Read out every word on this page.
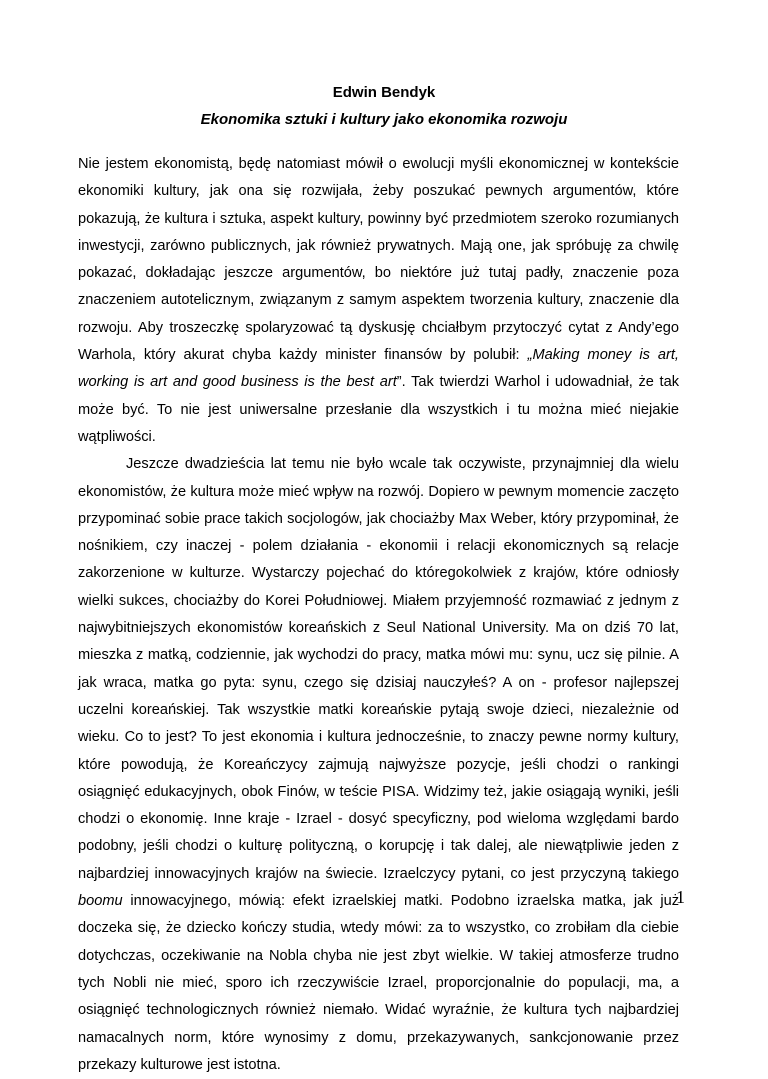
Edwin Bendyk
Ekonomika sztuki i kultury jako ekonomika rozwoju

Nie jestem ekonomistą, będę natomiast mówił o ewolucji myśli ekonomicznej w kontekście ekonomiki kultury, jak ona się rozwijała, żeby poszukać pewnych argumentów, które pokazują, że kultura i sztuka, aspekt kultury, powinny być przedmiotem szeroko rozumianych inwestycji, zarówno publicznych, jak również prywatnych. Mają one, jak spróbuję za chwilę pokazać, dokładając jeszcze argumentów, bo niektóre już tutaj padły, znaczenie poza znaczeniem autotelicznym, związanym z samym aspektem tworzenia kultury, znaczenie dla rozwoju. Aby troszeczkę spolaryzować tą dyskusję chciałbym przytoczyć cytat z Andy’ego Warhola, który akurat chyba każdy minister finansów by polubił: „Making money is art, working is art and good business is the best art”. Tak twierdzi Warhol i udowadniał, że tak może być. To nie jest uniwersalne przesłanie dla wszystkich i tu można mieć niejakie wątpliwości.

Jeszcze dwadzieścia lat temu nie było wcale tak oczywiste, przynajmniej dla wielu ekonomistów, że kultura może mieć wpływ na rozwój. Dopiero w pewnym momencie zaczęto przypominać sobie prace takich socjologów, jak chociażby Max Weber, który przypominał, że nośnikiem, czy inaczej - polem działania - ekonomii i relacji ekonomicznych są relacje zakorzenione w kulturze. Wystarczy pojechać do któregokolwiek z krajów, które odniosły wielki sukces, chociażby do Korei Południowej. Miałem przyjemność rozmawiać z jednym z najwybitniejszych ekonomistów koreańskich z Seul National University. Ma on dziś 70 lat, mieszka z matką, codziennie, jak wychodzi do pracy, matka mówi mu: synu, ucz się pilnie. A jak wraca, matka go pyta: synu, czego się dzisiaj nauczyłeś? A on - profesor najlepszej uczelni koreańskiej. Tak wszystkie matki koreańskie pytają swoje dzieci, niezależnie od wieku. Co to jest? To jest ekonomia i kultura jednocześnie, to znaczy pewne normy kultury, które powodują, że Koreańczycy zajmują najwyższe pozycje, jeśli chodzi o rankingi osiągnięć edukacyjnych, obok Finów, w teście PISA. Widzimy też, jakie osiągają wyniki, jeśli chodzi o ekonomię. Inne kraje - Izrael - dosyć specyficzny, pod wieloma względami bardo podobny, jeśli chodzi o kulturę polityczną, o korupcję i tak dalej, ale niewątpliwie jeden z najbardziej innowacyjnych krajów na świecie. Izraelczycy pytani, co jest przyczyną takiego boomu innowacyjnego, mówią: efekt izraelskiej matki. Podobno izraelska matka, jak już doczeka się, że dziecko kończy studia, wtedy mówi: za to wszystko, co zrobiłam dla ciebie dotychczas, oczekiwanie na Nobla chyba nie jest zbyt wielkie. W takiej atmosferze trudno tych Nobli nie mieć, sporo ich rzeczywiście Izrael, proporcjonalnie do populacji, ma, a osiągnięć technologicznych również niemało. Widać wyraźnie, że kultura tych najbardziej namacalnych norm, które wynosimy z domu, przekazywanych, sankcjonowanie przez przekazy kulturowe jest istotna.

1
